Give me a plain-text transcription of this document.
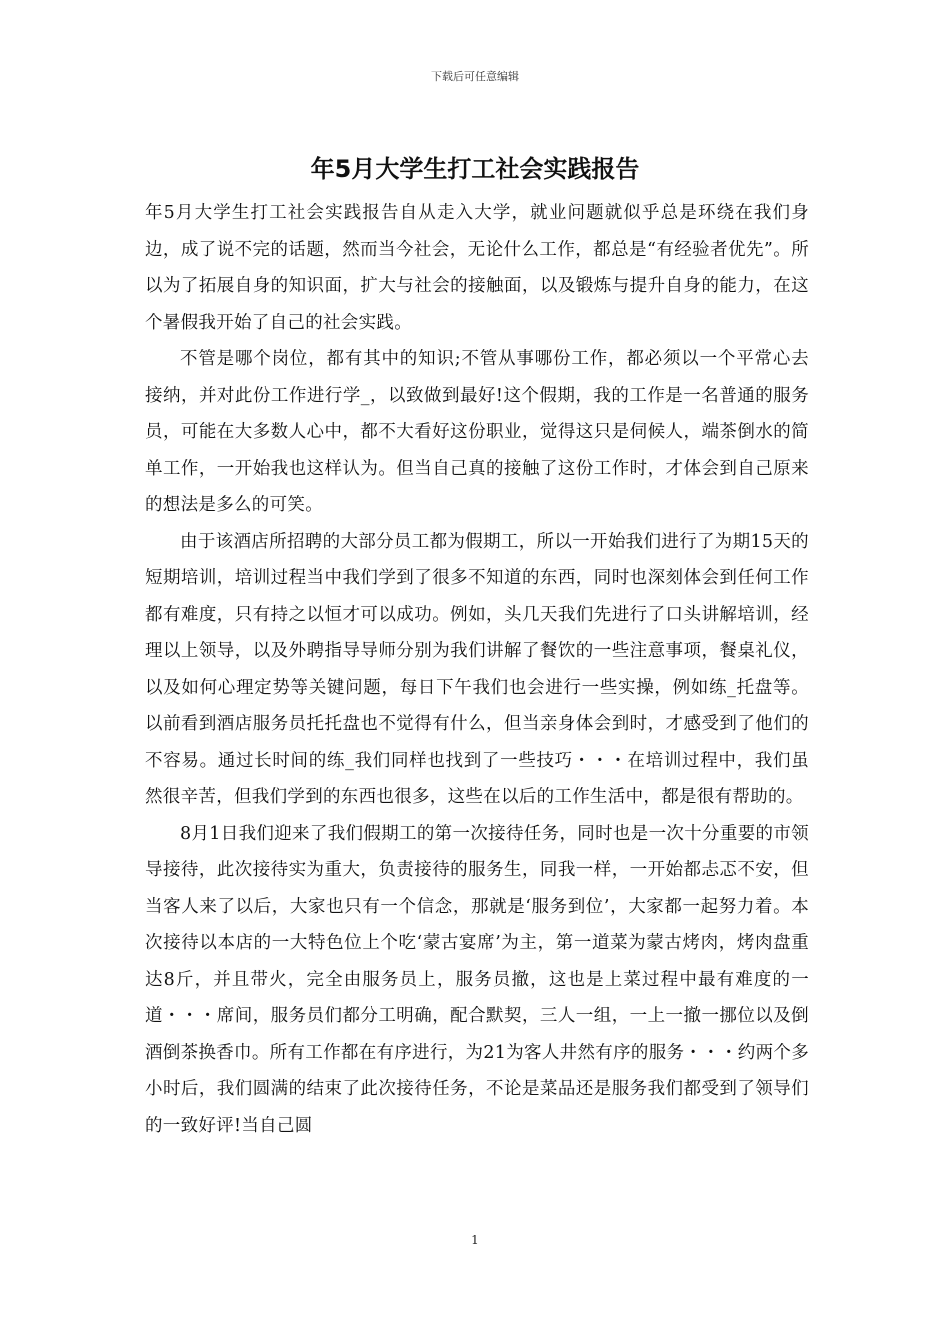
下载后可任意编辑
年5月大学生打工社会实践报告

年5月大学生打工社会实践报告自从走入大学，就业问题就似乎总是环绕在我们身边，成了说不完的话题，然而当今社会，无论什么工作，都总是“有经验者优先”。所以为了拓展自身的知识面，扩大与社会的接触面，以及锻炼与提升自身的能力，在这个暑假我开始了自己的社会实践。

不管是哪个岗位，都有其中的知识;不管从事哪份工作，都必须以一个平常心去接纳，并对此份工作进行学_，以致做到最好!这个假期，我的工作是一名普通的服务员，可能在大多数人心中，都不大看好这份职业，觉得这只是伺候人，端茶倒水的简单工作，一开始我也这样认为。但当自己真的接触了这份工作时，才体会到自己原来的想法是多么的可笑。

由于该酒店所招聘的大部分员工都为假期工，所以一开始我们进行了为期15天的短期培训，培训过程当中我们学到了很多不知道的东西，同时也深刻体会到任何工作都有难度，只有持之以恒才可以成功。例如，头几天我们先进行了口头讲解培训，经理以上领导，以及外聘指导导师分别为我们讲解了餐饮的一些注意事项，餐桌礼仪，以及如何心理定势等关键问题，每日下午我们也会进行一些实操，例如练_托盘等。以前看到酒店服务员托托盘也不觉得有什么，但当亲身体会到时，才感受到了他们的不容易。通过长时间的练_我们同样也找到了一些技巧・・・在培训过程中，我们虽然很辛苦，但我们学到的东西也很多，这些在以后的工作生活中，都是很有帮助的。

8月1日我们迎来了我们假期工的第一次接待任务，同时也是一次十分重要的市领导接待，此次接待实为重大，负责接待的服务生，同我一样，一开始都忐忑不安，但当客人来了以后，大家也只有一个信念，那就是‘服务到位’，大家都一起努力着。本次接待以本店的一大特色位上个吃‘蒙古宴席’为主，第一道菜为蒙古烤肉，烤肉盘重达8斤，并且带火，完全由服务员上，服务员撤，这也是上菜过程中最有难度的一道・・・席间，服务员们都分工明确，配合默契，三人一组，一上一撤一挪位以及倒酒倒茶换香巾。所有工作都在有序进行，为21为客人井然有序的服务・・・约两个多小时后，我们圆满的结束了此次接待任务，不论是菜品还是服务我们都受到了领导们的一致好评!当自己圆

1
